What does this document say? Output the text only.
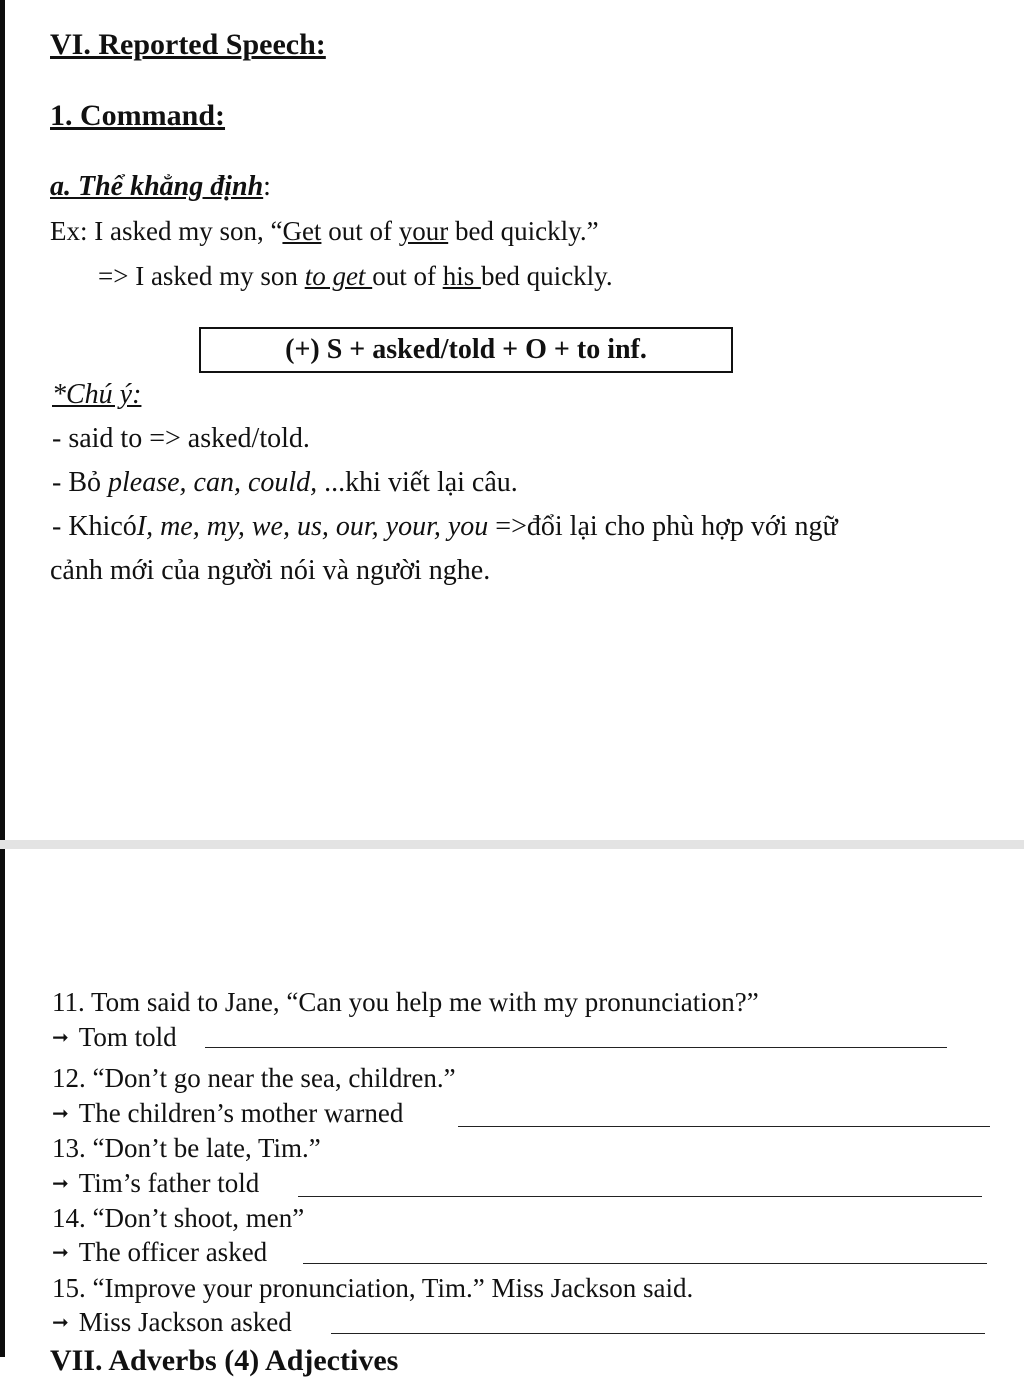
VI. Reported Speech:
1. Command:
a. Thể khẳng định:
Ex: I asked my son, “Get out of your bed quickly.”
=> I asked my son to get out of his bed quickly.
(+) S + asked/told + O + to inf.
*Chú ý:
- said to => asked/told.
- Bỏ please, can, could, ...khi viết lại câu.
- KhicóI, me, my, we, us, our, your, you =>đổi lại cho phù hợp với ngữ
cảnh mới của người nói và người nghe.
11. Tom said to Jane, “Can you help me with my pronunciation?”
➞ Tom told
12. “Don’t go near the sea, children.”
➞ The children’s mother warned
13. “Don’t be late, Tim.”
➞ Tim’s father told
14. “Don’t shoot, men”
➞ The officer asked
15. “Improve your pronunciation, Tim.” Miss Jackson said.
➞ Miss Jackson asked
VII. Adverbs (4) Adjectives
